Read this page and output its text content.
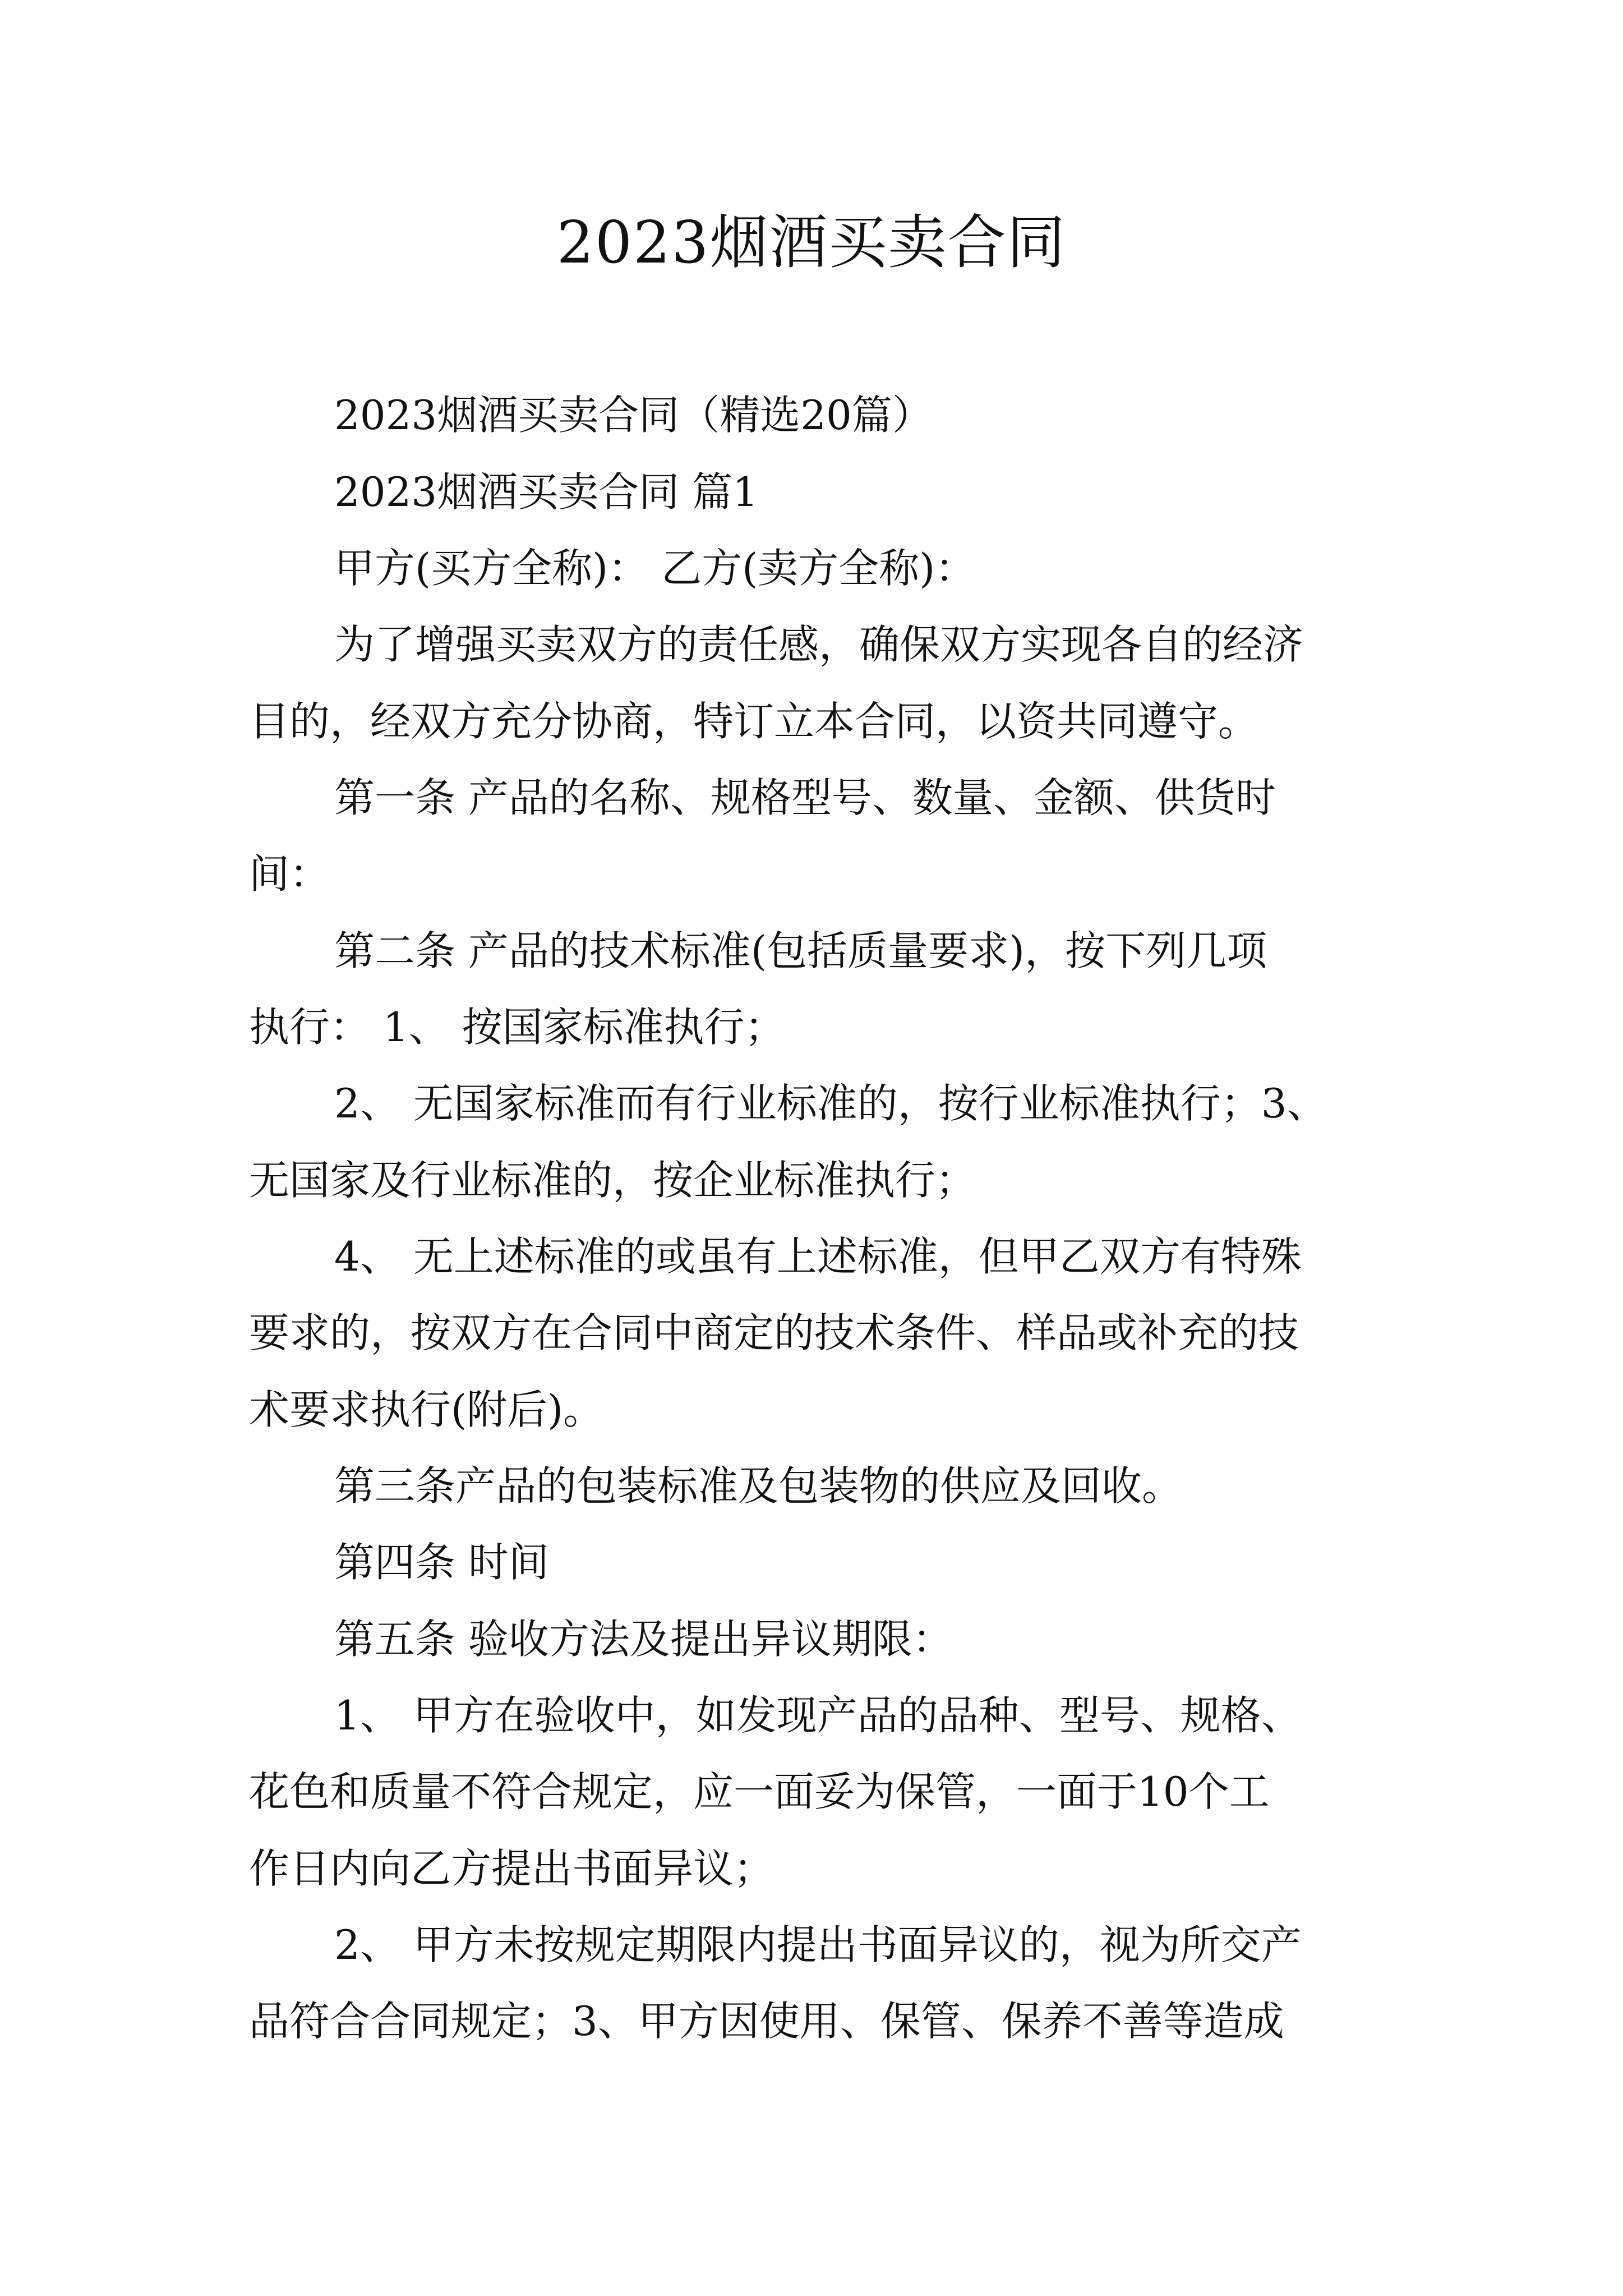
2023烟酒买卖合同

2023烟酒买卖合同（精选20篇）

2023烟酒买卖合同 篇1

甲方(买方全称)： 乙方(卖方全称)：

为了增强买卖双方的责任感，确保双方实现各自的经济

目的，经双方充分协商，特订立本合同，以资共同遵守。

第一条 产品的名称、规格型号、数量、金额、供货时

间：

第二条 产品的技术标准(包括质量要求)，按下列几项

执行： 1、 按国家标准执行；

2、 无国家标准而有行业标准的，按行业标准执行；3、

无国家及行业标准的，按企业标准执行；

4、 无上述标准的或虽有上述标准，但甲乙双方有特殊

要求的，按双方在合同中商定的技术条件、样品或补充的技

术要求执行(附后)。

第三条产品的包装标准及包装物的供应及回收。

第四条 时间

第五条 验收方法及提出异议期限：

1、 甲方在验收中，如发现产品的品种、型号、规格、

花色和质量不符合规定，应一面妥为保管，一面于10个工

作日内向乙方提出书面异议；

2、 甲方未按规定期限内提出书面异议的，视为所交产

品符合合同规定；3、甲方因使用、保管、保养不善等造成
